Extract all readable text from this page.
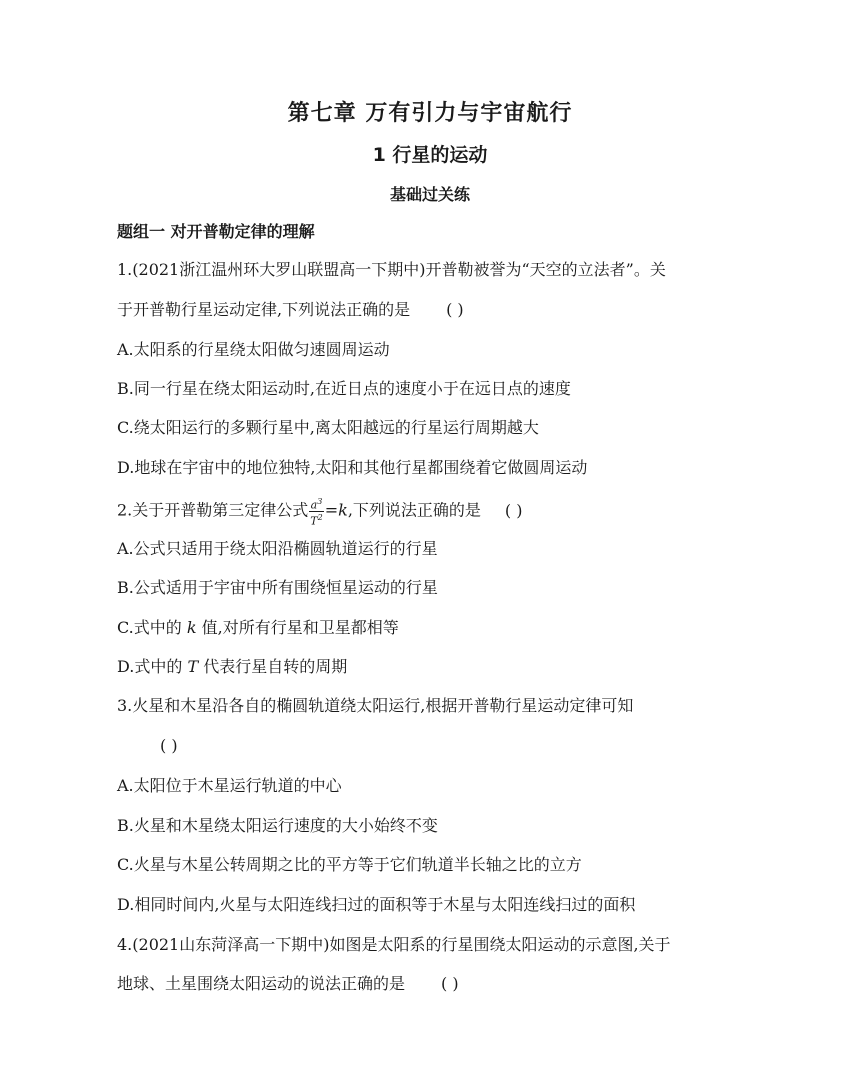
第七章 万有引力与宇宙航行
1 行星的运动
基础过关练
题组一 对开普勒定律的理解
1.(2021浙江温州环大罗山联盟高一下期中)开普勒被誉为“天空的立法者”。关
于开普勒行星运动定律,下列说法正确的是 ( )
A.太阳系的行星绕太阳做匀速圆周运动
B.同一行星在绕太阳运动时,在近日点的速度小于在远日点的速度
C.绕太阳运行的多颗行星中,离太阳越远的行星运行周期越大
D.地球在宇宙中的地位独特,太阳和其他行星都围绕着它做圆周运动
2.关于开普勒第三定律公式 $\frac{a^3}{T^2} =k$,下列说法正确的是 ( )
A.公式只适用于绕太阳沿椭圆轨道运行的行星
B.公式适用于宇宙中所有围绕恒星运动的行星
C.式中的 k 值,对所有行星和卫星都相等
D.式中的 T 代表行星自转的周期
3.火星和木星沿各自的椭圆轨道绕太阳运行,根据开普勒行星运动定律可知
( )
A.太阳位于木星运行轨道的中心
B.火星和木星绕太阳运行速度的大小始终不变
C.火星与木星公转周期之比的平方等于它们轨道半长轴之比的立方
D.相同时间内,火星与太阳连线扫过的面积等于木星与太阳连线扫过的面积
4.(2021山东菏泽高一下期中)如图是太阳系的行星围绕太阳运动的示意图,关于
地球、土星围绕太阳运动的说法正确的是 ( )
